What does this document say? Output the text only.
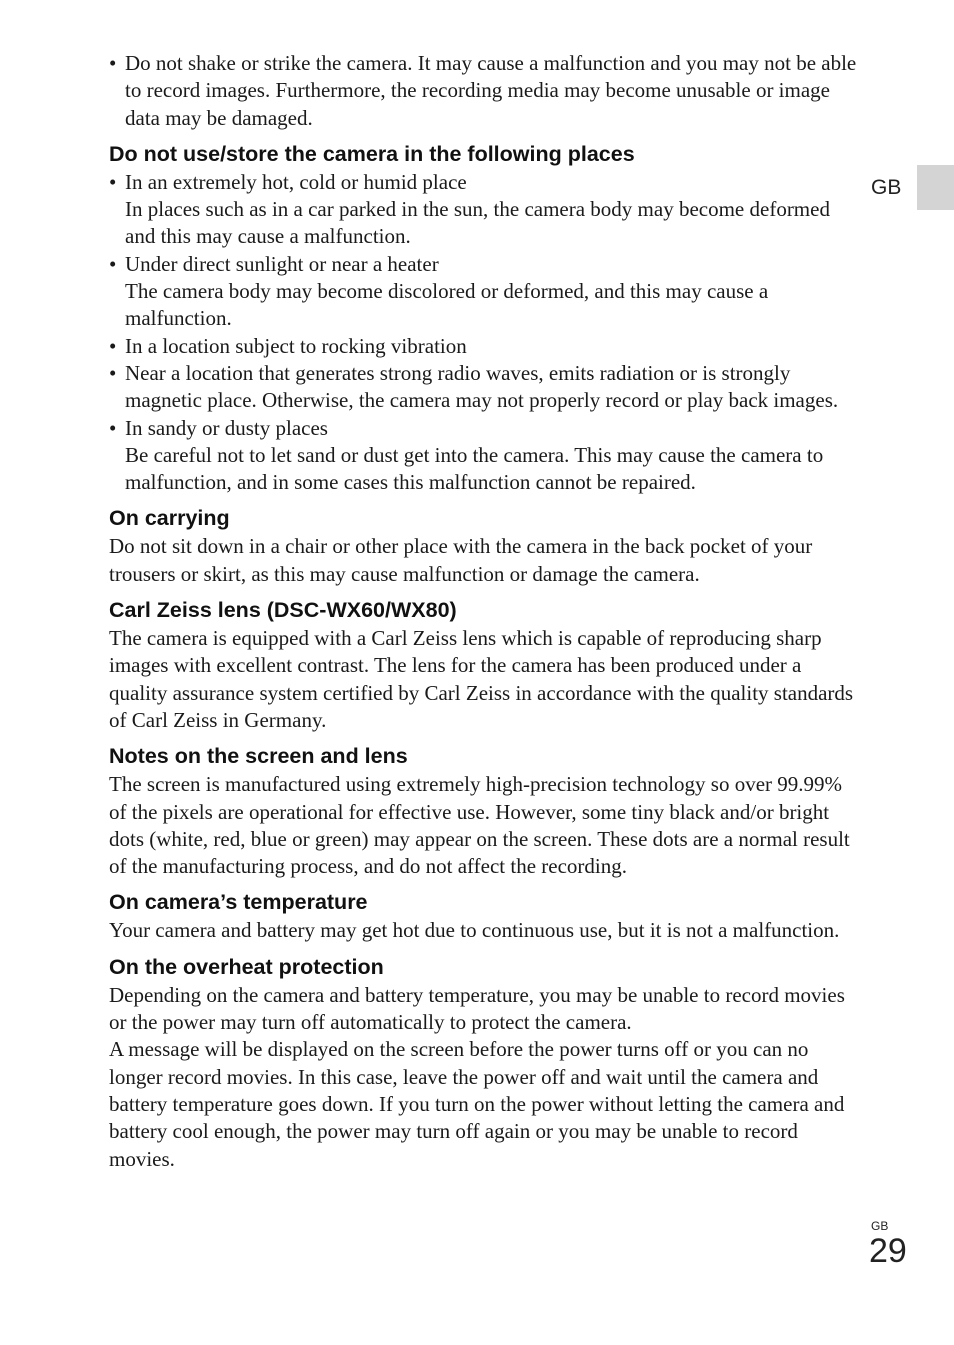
GB
• Do not shake or strike the camera. It may cause a malfunction and you may not be able to record images. Furthermore, the recording media may become unusable or image data may be damaged.
Do not use/store the camera in the following places
• In an extremely hot, cold or humid place
In places such as in a car parked in the sun, the camera body may become deformed and this may cause a malfunction.
• Under direct sunlight or near a heater
The camera body may become discolored or deformed, and this may cause a malfunction.
• In a location subject to rocking vibration
• Near a location that generates strong radio waves, emits radiation or is strongly magnetic place. Otherwise, the camera may not properly record or play back images.
• In sandy or dusty places
Be careful not to let sand or dust get into the camera. This may cause the camera to malfunction, and in some cases this malfunction cannot be repaired.
On carrying

Do not sit down in a chair or other place with the camera in the back pocket of your trousers or skirt, as this may cause malfunction or damage the camera.

Carl Zeiss lens (DSC-WX60/WX80)

The camera is equipped with a Carl Zeiss lens which is capable of reproducing sharp images with excellent contrast. The lens for the camera has been produced under a quality assurance system certified by Carl Zeiss in accordance with the quality standards of Carl Zeiss in Germany.

Notes on the screen and lens

The screen is manufactured using extremely high-precision technology so over 99.99% of the pixels are operational for effective use. However, some tiny black and/or bright dots (white, red, blue or green) may appear on the screen. These dots are a normal result of the manufacturing process, and do not affect the recording.

On camera’s temperature

Your camera and battery may get hot due to continuous use, but it is not a malfunction.

On the overheat protection

Depending on the camera and battery temperature, you may be unable to record movies or the power may turn off automatically to protect the camera.

A message will be displayed on the screen before the power turns off or you can no longer record movies. In this case, leave the power off and wait until the camera and battery temperature goes down. If you turn on the power without letting the camera and battery cool enough, the power may turn off again or you may be unable to record movies.

GB
29
